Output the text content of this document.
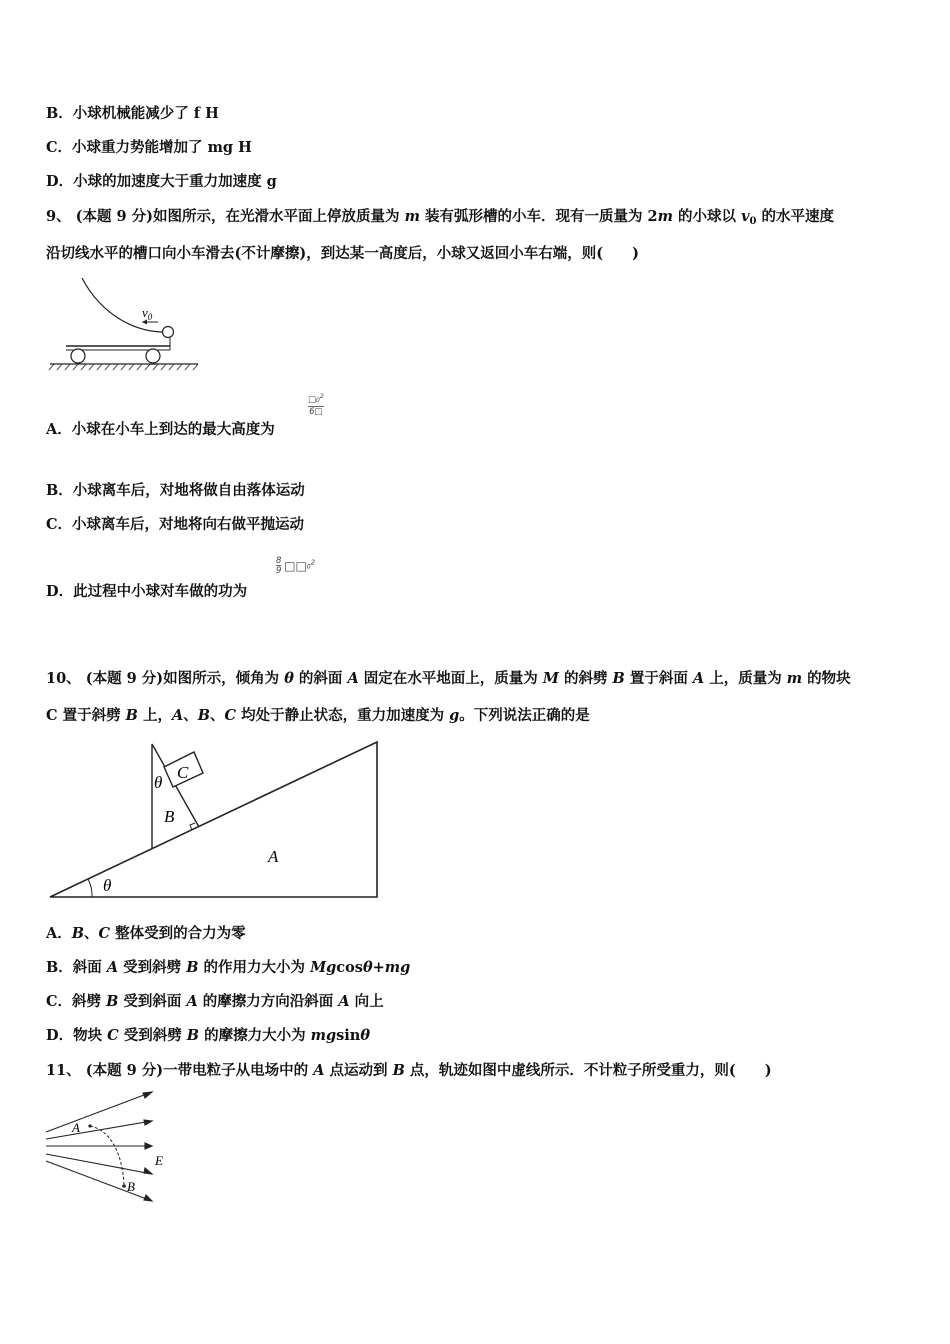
B．小球机械能减少了 f H
C．小球重力势能增加了 mg H
D．小球的加速度大于重力加速度 g
9、 (本题 9 分)如图所示，在光滑水平面上停放质量为 m 装有弧形槽的小车．现有一质量为 2m 的小球以 $v_0$ 的水平速度
沿切线水平的槽口向小车滑去(不计摩擦)，到达某一高度后，小球又返回小车右端，则(　　)
$v_0$
A．小球在小车上到达的最大高度为
$\frac{□0^2}{6□}$
B．小球离车后，对地将做自由落体运动
C．小球离车后，对地将向右做平抛运动
D．此过程中小球对车做的功为
8
9 $□□0^2$
10、 (本题 9 分)如图所示，倾角为 θ 的斜面 A 固定在水平地面上，质量为 M 的斜劈 B 置于斜面 A 上，质量为 m 的物块
C 置于斜劈 B 上，A、B、C 均处于静止状态，重力加速度为 g。下列说法正确的是
θ
θ
B
C
A
A．B、C 整体受到的合力为零
B．斜面 A 受到斜劈 B 的作用力大小为 Mgcosθ+mg
C．斜劈 B 受到斜面 A 的摩擦力方向沿斜面 A 向上
D．物块 C 受到斜劈 B 的摩擦力大小为 mgsinθ
11、 (本题 9 分)一带电粒子从电场中的 A 点运动到 B 点，轨迹如图中虚线所示．不计粒子所受重力，则(　　)
A
B
E
